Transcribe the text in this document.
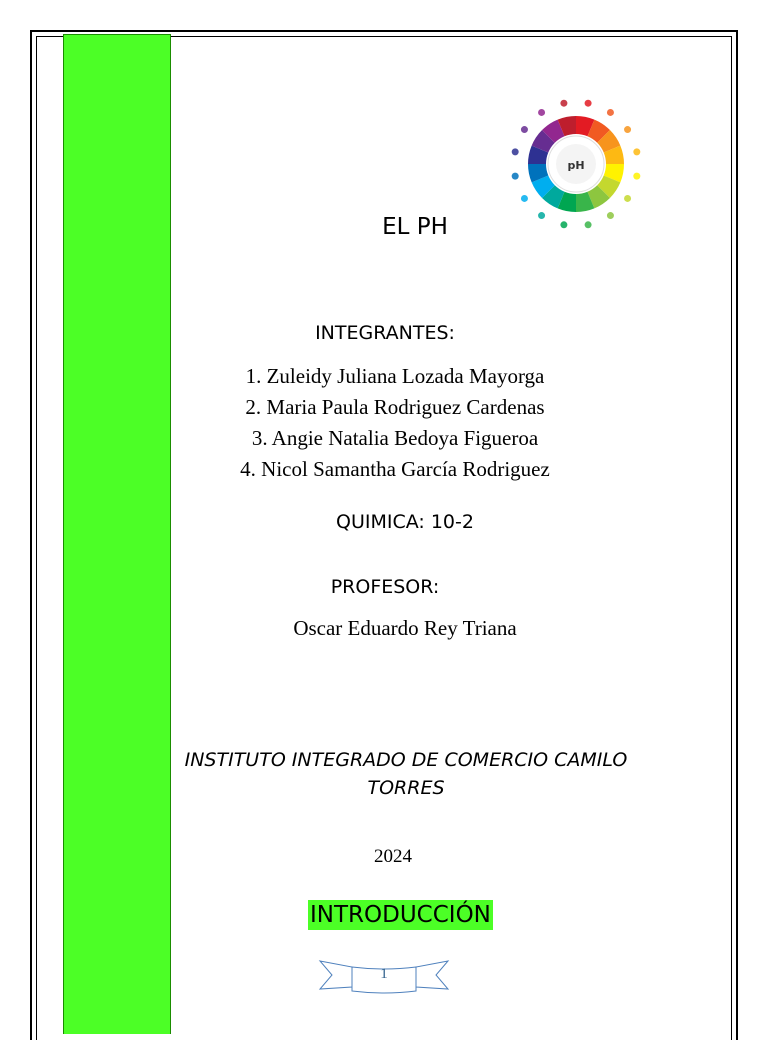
pH
EL PH
INTEGRANTES:
1. Zuleidy Juliana Lozada Mayorga
2. Maria Paula Rodriguez Cardenas
3. Angie Natalia Bedoya Figueroa
4. Nicol Samantha García Rodriguez
QUIMICA: 10-2
PROFESOR:
Oscar Eduardo Rey Triana
INSTITUTO INTEGRADO DE COMERCIO CAMILO TORRES
2024
INTRODUCCIÓN
1
